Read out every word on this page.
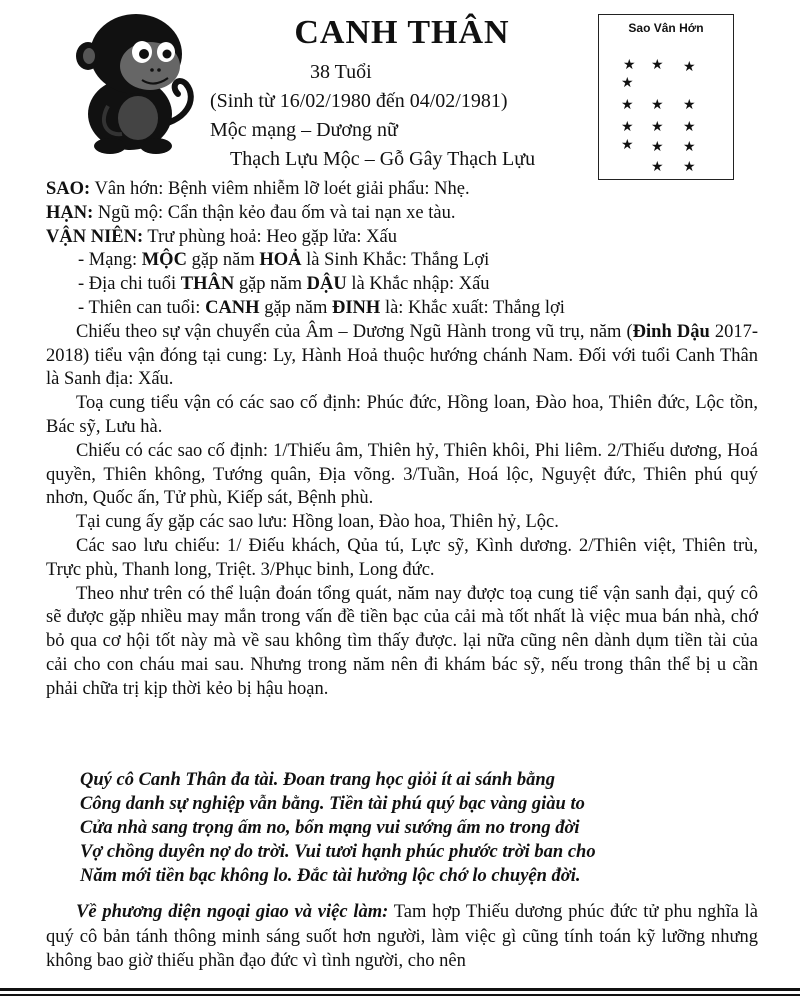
CANH THÂN
38 Tuổi
(Sinh từ 16/02/1980 đến 04/02/1981)
Mộc mạng – Dương nữ
Thạch Lựu Mộc – Gỗ Gây Thạch Lựu
Sao Vân Hớn
★ ★ ★
★
★ ★ ★
★ ★ ★
★ ★ ★
★ ★

SAO: Vân hớn: Bệnh viêm nhiễm lỡ loét giải phẩu: Nhẹ.

HẠN: Ngũ mộ: Cẩn thận kẻo đau ốm và tai nạn xe tàu.

VẬN NIÊN: Trư phùng hoả: Heo gặp lửa: Xấu

- Mạng: MỘC gặp năm HOẢ là Sinh Khắc: Thắng Lợi

- Địa chi tuổi THÂN gặp năm DẬU là Khắc nhập: Xấu

- Thiên can tuổi: CANH gặp năm ĐINH là: Khắc xuất: Thắng lợi

Chiếu theo sự vận chuyển của Âm – Dương Ngũ Hành trong vũ trụ, năm (Đinh Dậu 2017-2018) tiểu vận đóng tại cung: Ly, Hành Hoả thuộc hướng chánh Nam. Đối với tuổi Canh Thân là Sanh địa: Xấu.

Toạ cung tiểu vận có các sao cố định: Phúc đức, Hồng loan, Đào hoa, Thiên đức, Lộc tồn, Bác sỹ, Lưu hà.

Chiếu có các sao cố định: 1/Thiếu âm, Thiên hỷ, Thiên khôi, Phi liêm. 2/Thiếu dương, Hoá quyền, Thiên không, Tướng quân, Địa võng. 3/Tuần, Hoá lộc, Nguyệt đức, Thiên phú quý nhơn, Quốc ấn, Tử phù, Kiếp sát, Bệnh phù.

Tại cung ấy gặp các sao lưu: Hồng loan, Đào hoa, Thiên hỷ, Lộc.

Các sao lưu chiếu: 1/ Điếu khách, Qủa tú, Lực sỹ, Kình dương. 2/Thiên việt, Thiên trù, Trực phù, Thanh long, Triệt. 3/Phục binh, Long đức.

Theo như trên có thể luận đoán tổng quát, năm nay được toạ cung tiể vận sanh đại, quý cô sẽ được gặp nhiều may mắn trong vấn đề tiền bạc của cải mà tốt nhất là việc mua bán nhà, chớ bỏ qua cơ hội tốt này mà về sau không tìm thấy được. lại nữa cũng nên dành dụm tiền tài của cải cho con cháu mai sau. Nhưng trong năm nên đi khám bác sỹ, nếu trong thân thể bị u cần phải chữa trị kịp thời kẻo bị hậu hoạn.

Quý cô Canh Thân đa tài. Đoan trang học giỏi ít ai sánh bằng
Công danh sự nghiệp vẫn bằng. Tiền tài phú quý bạc vàng giàu to
Cửa nhà sang trọng ấm no, bổn mạng vui sướng ấm no trong đời
Vợ chồng duyên nợ do trời. Vui tươi hạnh phúc phước trời ban cho
Năm mới tiền bạc không lo. Đắc tài hưởng lộc chớ lo chuyện đời.

Về phương diện ngoại giao và việc làm: Tam hợp Thiếu dương phúc đức tử phu nghĩa là quý cô bản tánh thông minh sáng suốt hơn người, làm việc gì cũng tính toán kỹ lưỡng nhưng không bao giờ thiếu phần đạo đức vì tình người, cho nên
